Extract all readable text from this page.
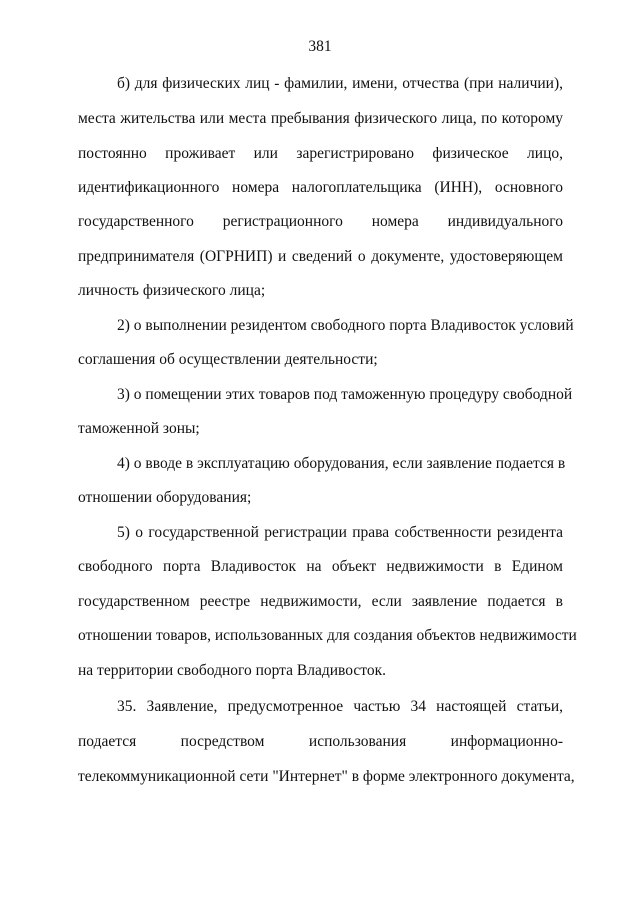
381
б) для физических лиц - фамилии, имени, отчества (при наличии),
места жительства или места пребывания физического лица, по которому
постоянно проживает или зарегистрировано физическое лицо,
идентификационного номера налогоплательщика (ИНН), основного
государственного регистрационного номера индивидуального
предпринимателя (ОГРНИП) и сведений о документе, удостоверяющем
личность физического лица;
2) о выполнении резидентом свободного порта Владивосток условий
соглашения об осуществлении деятельности;
3) о помещении этих товаров под таможенную процедуру свободной
таможенной зоны;
4) о вводе в эксплуатацию оборудования, если заявление подается в
отношении оборудования;
5) о государственной регистрации права собственности резидента
свободного порта Владивосток на объект недвижимости в Едином
государственном реестре недвижимости, если заявление подается в
отношении товаров, использованных для создания объектов недвижимости
на территории свободного порта Владивосток.
35. Заявление, предусмотренное частью 34 настоящей статьи,
подается посредством использования информационно-
телекоммуникационной сети "Интернет" в форме электронного документа,
